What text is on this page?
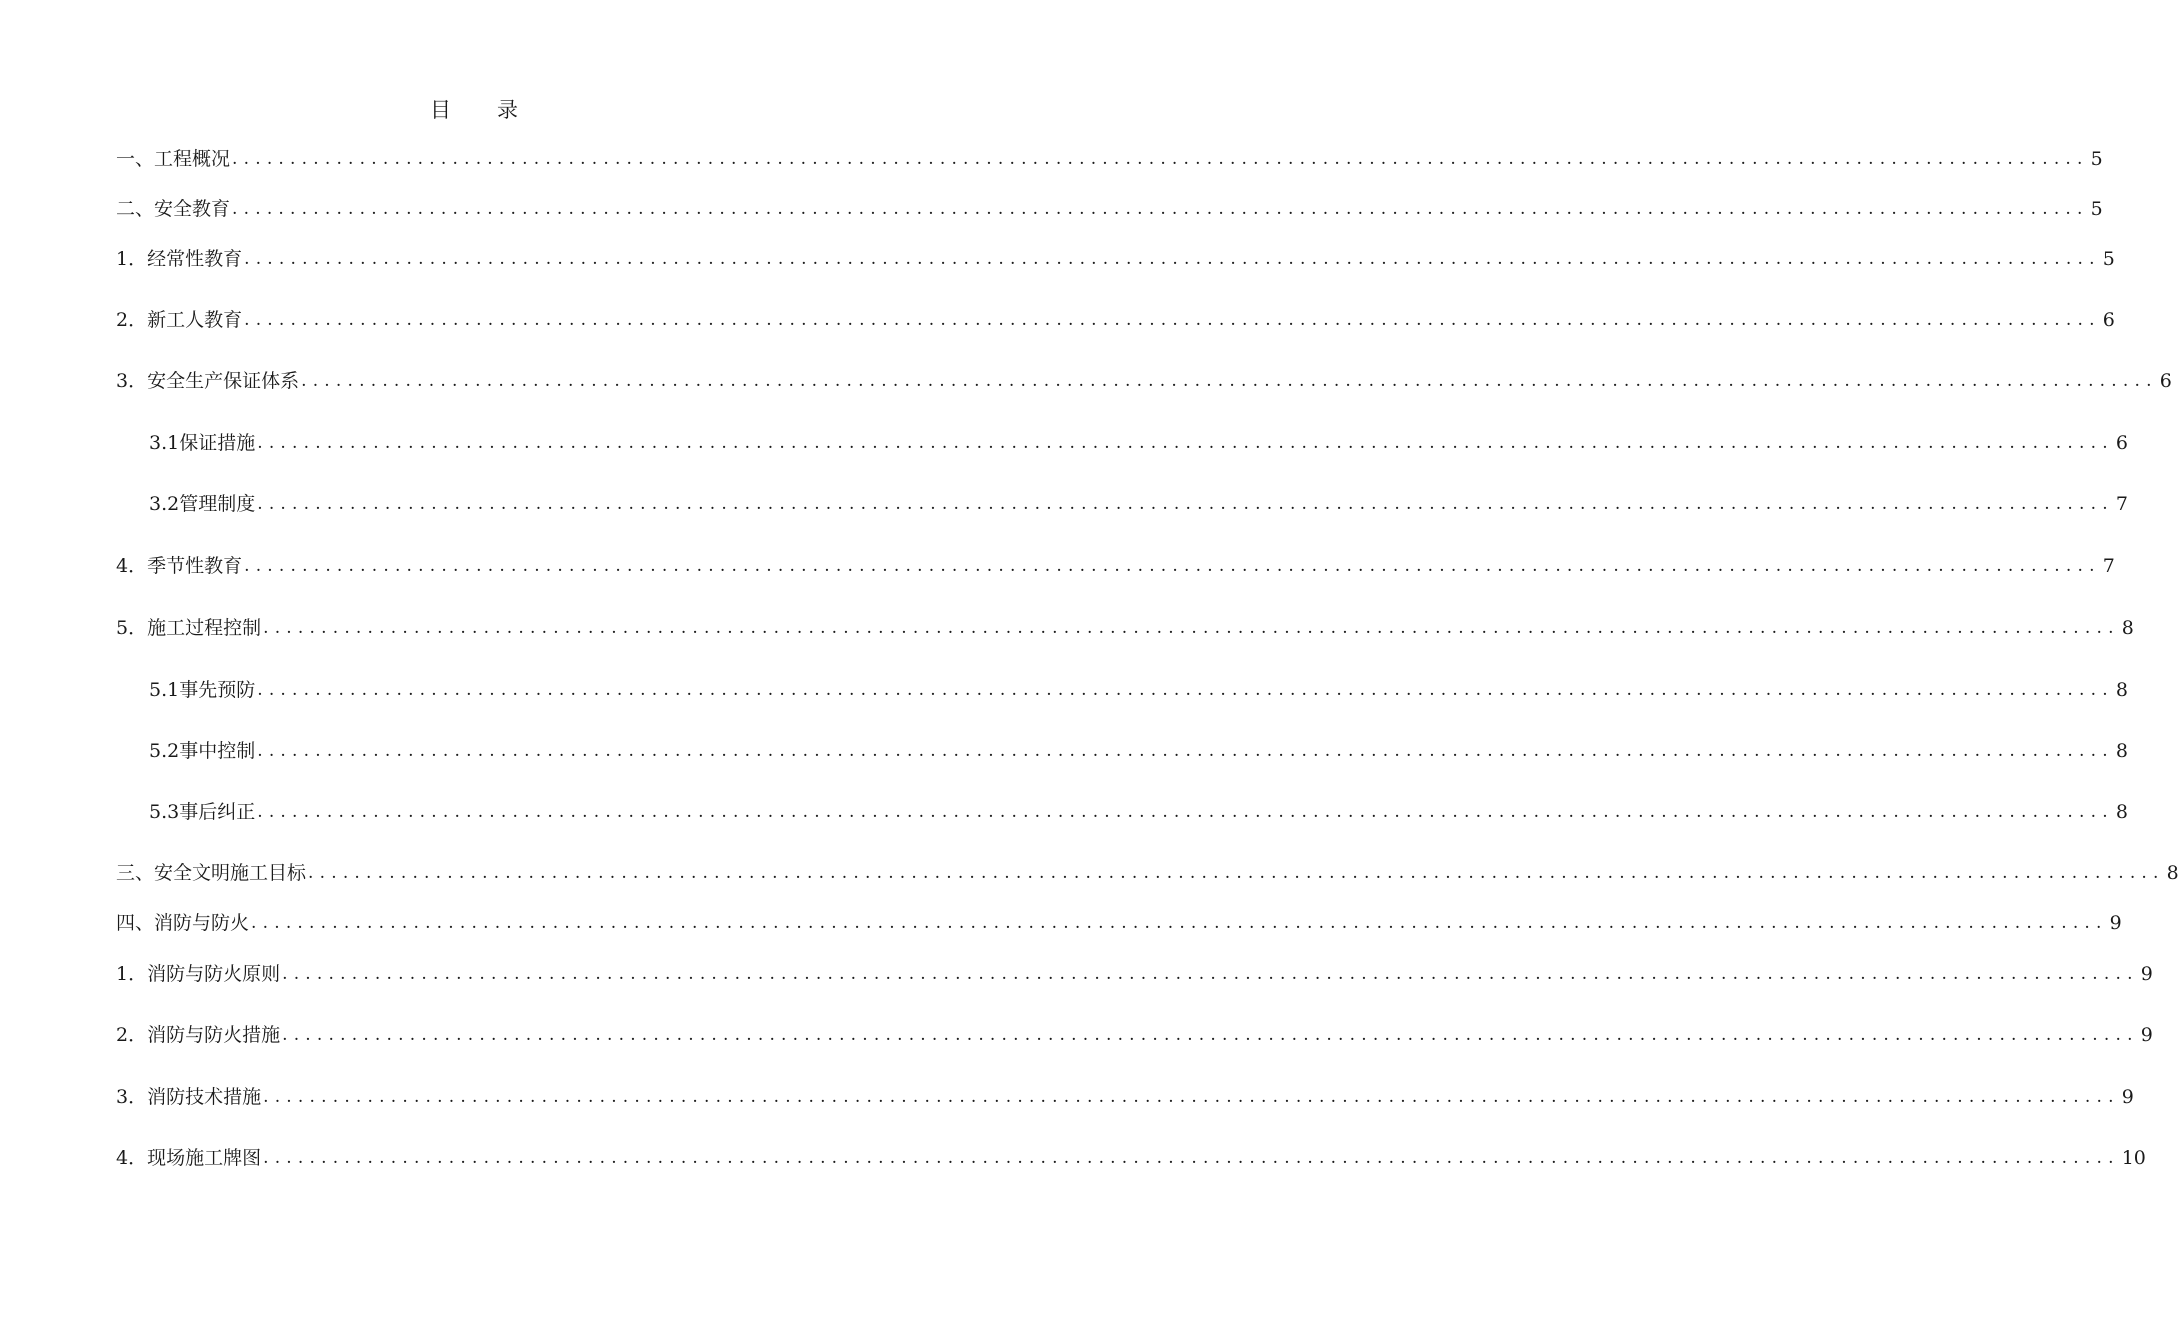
目 录
一、工程概况 ................................................................................................................................................................ 5
二、安全教育 ................................................................................................................................................................ 5
1．经常性教育 ................................................................................................................................................................ 5
2．新工人教育 ................................................................................................................................................................ 6
3．安全生产保证体系 ................................................................................................................................................................ 6
3.1保证措施 ................................................................................................................................................................ 6
3.2管理制度 ................................................................................................................................................................ 7
4．季节性教育 ................................................................................................................................................................ 7
5．施工过程控制 ................................................................................................................................................................ 8
5.1事先预防 ................................................................................................................................................................ 8
5.2事中控制 ................................................................................................................................................................ 8
5.3事后纠正 ................................................................................................................................................................ 8
三、安全文明施工目标 ................................................................................................................................................................ 8
四、消防与防火 ................................................................................................................................................................ 9
1．消防与防火原则 ................................................................................................................................................................ 9
2．消防与防火措施 ................................................................................................................................................................ 9
3．消防技术措施 ................................................................................................................................................................ 9
4．现场施工牌图 ................................................................................................................................................................ 10
